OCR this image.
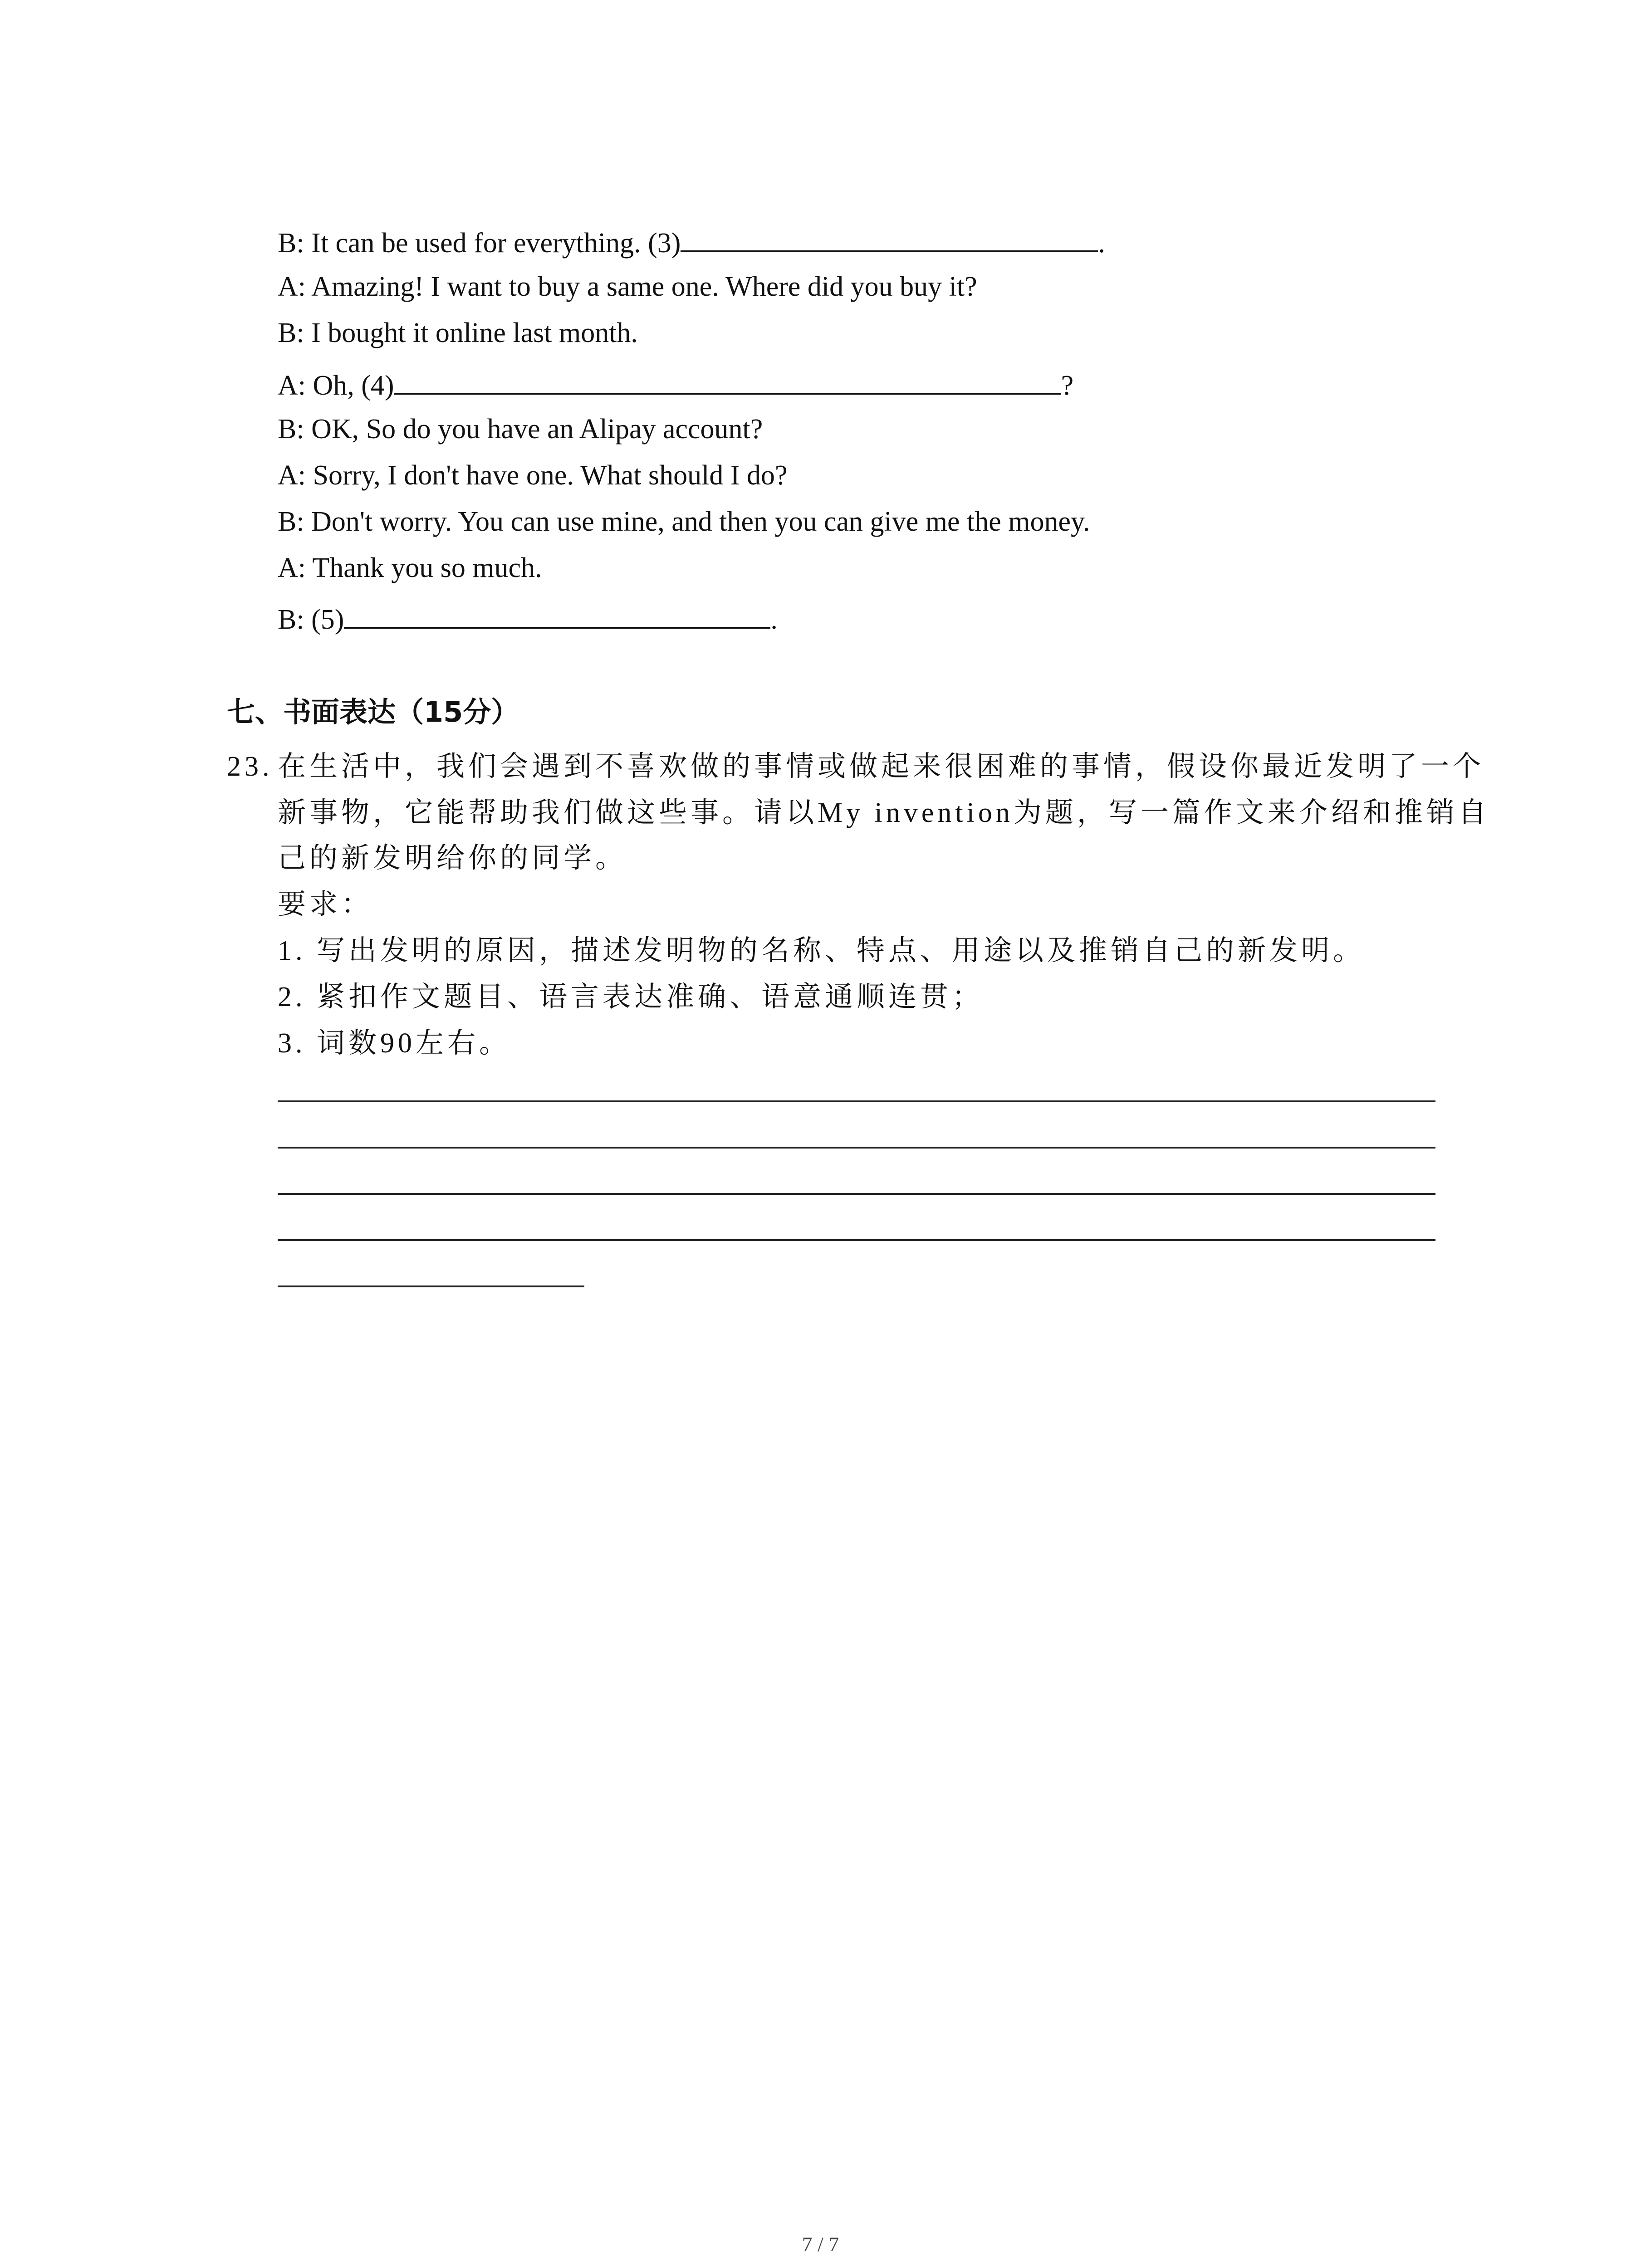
B: It can be used for everything. (3)	.
A: Amazing! I want to buy a same one. Where did you buy it?
B: I bought it online last month.
A: Oh, (4)	?
B: OK, So do you have an Alipay account?
A: Sorry, I don't have one. What should I do?
B: Don't worry. You can use mine, and then you can give me the money.
A: Thank you so much.
B: (5)	.
七、书面表达（15分）
23. 在生活中，我们会遇到不喜欢做的事情或做起来很困难的事情，假设你最近发明了一个
新事物，它能帮助我们做这些事。请以My invention为题，写一篇作文来介绍和推销自
己的新发明给你的同学。
要求：
1. 写出发明的原因，描述发明物的名称、特点、用途以及推销自己的新发明。
2. 紧扣作文题目、语言表达准确、语意通顺连贯；
3. 词数90左右。
7 / 7
